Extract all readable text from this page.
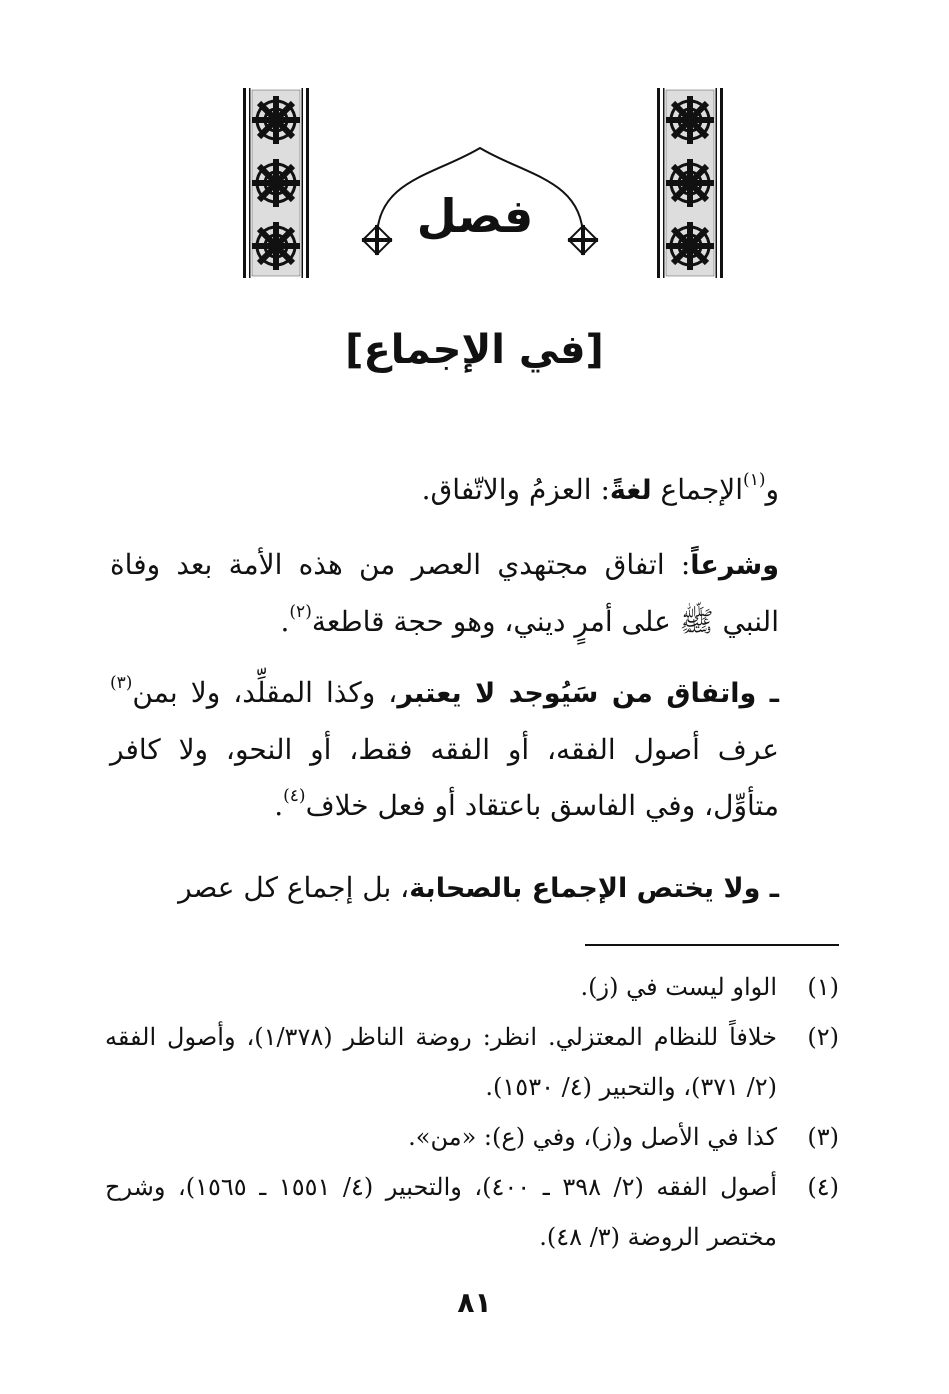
فصل
[في الإجماع]
و$^{(١)}$الإجماع لغةً: العزمُ والاتّفاق.
وشرعاً: اتفاق مجتهدي العصر من هذه الأمة بعد وفاة النبي ﷺ على أمرٍ ديني، وهو حجة قاطعة$^{(٢)}$.
ـ واتفاق من سَيُوجد لا يعتبر، وكذا المقلِّد، ولا بمن$^{(٣)}$ عرف أصول الفقه، أو الفقه فقط، أو النحو، ولا كافر متأوِّل، وفي الفاسق باعتقاد أو فعل خلاف$^{(٤)}$.
ـ ولا يختص الإجماع بالصحابة، بل إجماع كل عصر
(١)
الواو ليست في (ز).
(٢)
خلافاً للنظام المعتزلي. انظر: روضة الناظر (١/٣٧٨)، وأصول الفقه (٢/ ٣٧١)، والتحبير (٤/ ١٥٣٠).
(٣)
كذا في الأصل و(ز)، وفي (ع): «من».
(٤)
أصول الفقه (٢/ ٣٩٨ ـ ٤٠٠)، والتحبير (٤/ ١٥٥١ ـ ١٥٦٥)، وشرح مختصر الروضة (٣/ ٤٨).
٨١
